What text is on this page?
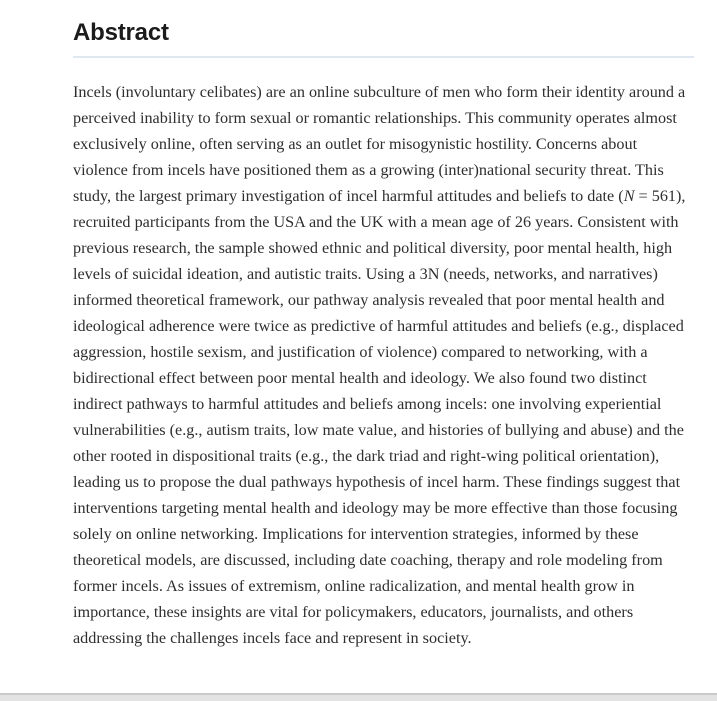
Abstract

Incels (involuntary celibates) are an online subculture of men who form their identity around a perceived inability to form sexual or romantic relationships. This community operates almost exclusively online, often serving as an outlet for misogynistic hostility. Concerns about violence from incels have positioned them as a growing (inter)national security threat. This study, the largest primary investigation of incel harmful attitudes and beliefs to date (N = 561), recruited participants from the USA and the UK with a mean age of 26 years. Consistent with previous research, the sample showed ethnic and political diversity, poor mental health, high levels of suicidal ideation, and autistic traits. Using a 3N (needs, networks, and narratives) informed theoretical framework, our pathway analysis revealed that poor mental health and ideological adherence were twice as predictive of harmful attitudes and beliefs (e.g., displaced aggression, hostile sexism, and justification of violence) compared to networking, with a bidirectional effect between poor mental health and ideology. We also found two distinct indirect pathways to harmful attitudes and beliefs among incels: one involving experiential vulnerabilities (e.g., autism traits, low mate value, and histories of bullying and abuse) and the other rooted in dispositional traits (e.g., the dark triad and right-wing political orientation), leading us to propose the dual pathways hypothesis of incel harm. These findings suggest that interventions targeting mental health and ideology may be more effective than those focusing solely on online networking. Implications for intervention strategies, informed by these theoretical models, are discussed, including date coaching, therapy and role modeling from former incels. As issues of extremism, online radicalization, and mental health grow in importance, these insights are vital for policymakers, educators, journalists, and others addressing the challenges incels face and represent in society.
